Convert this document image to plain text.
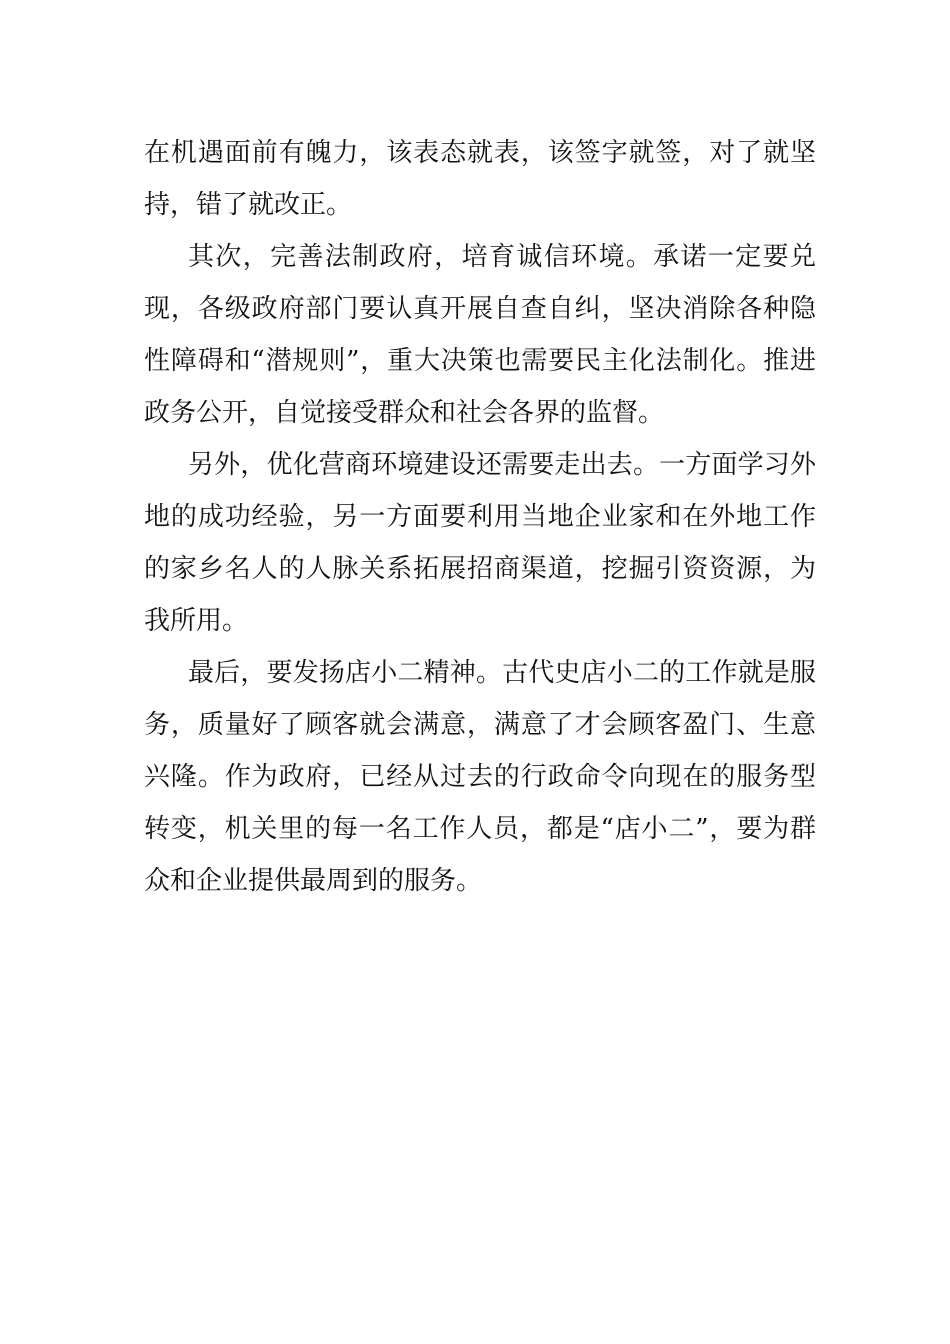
在机遇面前有魄力，该表态就表，该签字就签，对了就坚持，错了就改正。

其次，完善法制政府，培育诚信环境。承诺一定要兑现，各级政府部门要认真开展自查自纠，坚决消除各种隐性障碍和“潜规则”，重大决策也需要民主化法制化。推进政务公开，自觉接受群众和社会各界的监督。

另外，优化营商环境建设还需要走出去。一方面学习外地的成功经验，另一方面要利用当地企业家和在外地工作的家乡名人的人脉关系拓展招商渠道，挖掘引资资源，为我所用。

最后，要发扬店小二精神。古代史店小二的工作就是服务，质量好了顾客就会满意，满意了才会顾客盈门、生意兴隆。作为政府，已经从过去的行政命令向现在的服务型转变，机关里的每一名工作人员，都是“店小二”，要为群众和企业提供最周到的服务。
